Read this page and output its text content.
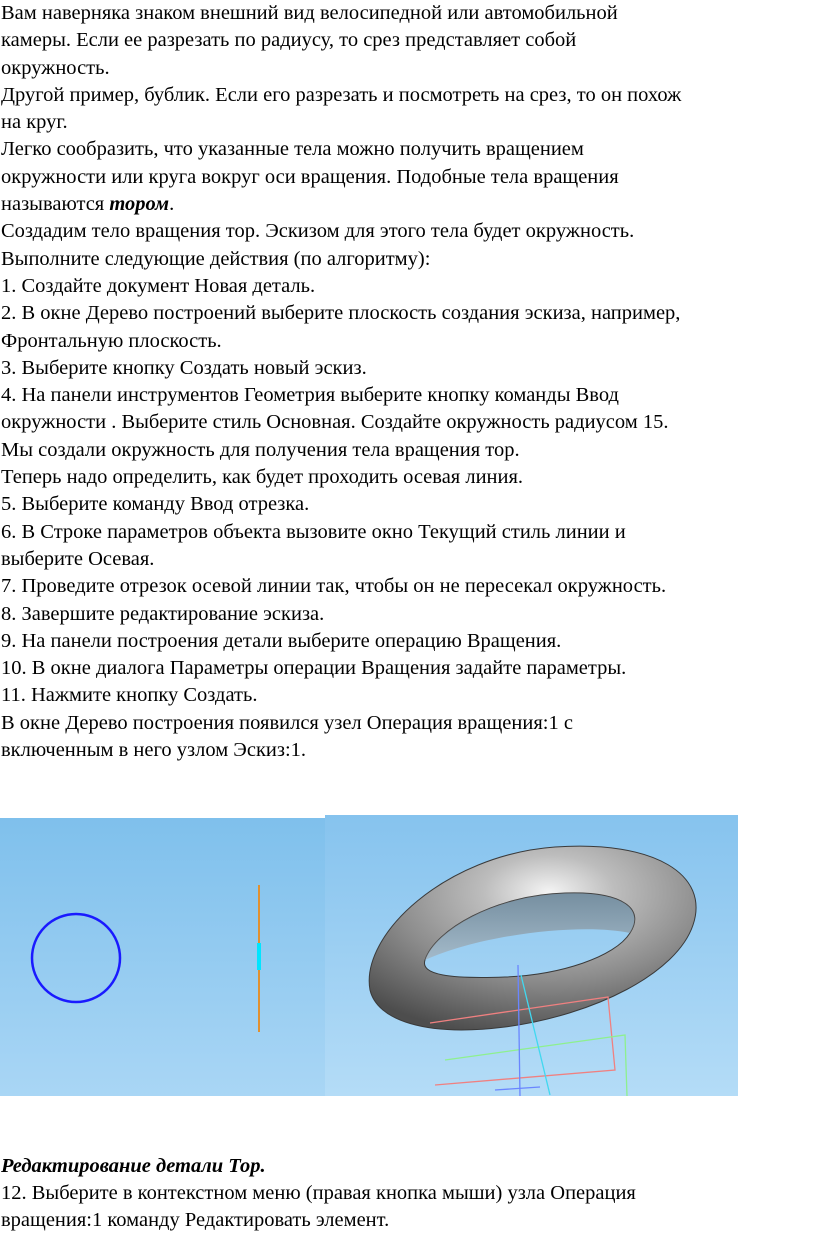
Вам наверняка знаком внешний вид велосипедной или автомобильной

камеры. Если ее разрезать по радиусу, то срез представляет собой

окружность.

Другой пример, бублик. Если его разрезать и посмотреть на срез, то он похож

на круг.

Легко сообразить, что указанные тела можно получить вращением

окружности или круга вокруг оси вращения. Подобные тела вращения

называются тором.

Создадим тело вращения тор. Эскизом для этого тела будет окружность.

Выполните следующие действия (по алгоритму):

1. Создайте документ Новая деталь.

2. В окне Дерево построений выберите плоскость создания эскиза, например,

Фронтальную плоскость.

3. Выберите кнопку Создать новый эскиз.

4. На панели инструментов Геометрия выберите кнопку команды Ввод

окружности . Выберите стиль Основная. Создайте окружность радиусом 15.

Мы создали окружность для получения тела вращения тор.

Теперь надо определить, как будет проходить осевая линия.

5. Выберите команду Ввод отрезка.

6. В Строке параметров объекта вызовите окно Текущий стиль линии и

выберите Осевая.

7. Проведите отрезок осевой линии так, чтобы он не пересекал окружность.

8. Завершите редактирование эскиза.

9. На панели построения детали выберите операцию Вращения.

10. В окне диалога Параметры операции Вращения задайте параметры.

11. Нажмите кнопку Создать.

В окне Дерево построения появился узел Операция вращения:1 с

включенным в него узлом Эскиз:1.

Редактирование детали Тор.

12. Выберите в контекстном меню (правая кнопка мыши) узла Операция

вращения:1 команду Редактировать элемент.
